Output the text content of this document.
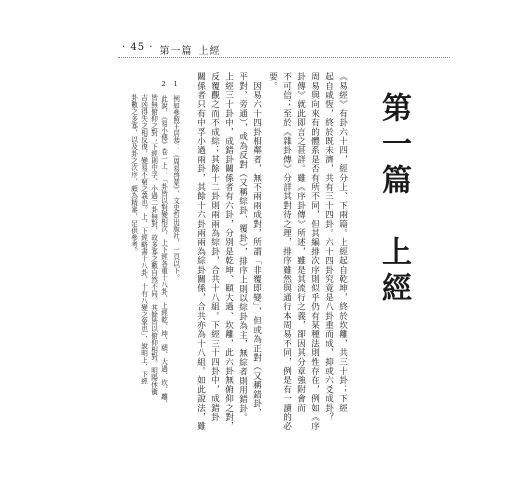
· 45 · 第一篇 上經
第一篇　上經
《易經》有卦六十四，經分上、下兩篇。上經起自乾坤，終於坎離，共三十卦；下經
起自咸恆，終於既未濟，共有三十四卦。六十四卦究竟是八卦重而成，抑或六爻成卦？
周易與向來有的體系是否有所不同，但其編排次序則似乎仍有某種法則性存在，例如《序
卦傳》就此即言之甚詳。雖《序卦傳》所述，雖是其流行之義，卻因其分章強附會而
不可信；至於《雜卦傳》分詳其對待之理，排序雖然與通行本周易不同，例是有一讀的必
要。
　因易六十四卦相鄰者，無不兩兩成對，所謂「非覆即變」，但或為正對（又稱錯卦、
平對、旁通），或為反對（又稱綜卦、覆卦），排序上則以綜卦為主，無綜者則用錯卦。
上經三十卦中，成錯卦關係者有六卦，分別是乾坤、頤大過、坎離，此六卦無俯仰之對，
反覆觀之而不成綜；其餘十二卦則兩兩為綜卦，合共十八組。下經三十四卦中，成錯卦
關係者只有中孚小過兩卦，其餘十六卦兩兩為綜卦關係，合共亦為十八組。如此說法，雖
1　例如參照王居恭：《周易啓蒙》，文史哲出版社，一頁以下。
2　此說，《易小傳》卷一上：「卦皆以對變相次，上下經各重十八卦，上經乾、坤、頤、大過、坎、離，
　　皆無俯仰之對；下經則中孚、小過二卦無對，故多寡之數自然不同。其餘皆以俯仰相對。明陽休衝
　　吉凶得失之相反復，變易不窮之義也。上、下經略書十八卦，十有八變之象也」，說明上、下經
　　卦數之多寡，以及卦之次序，頗為精審，足供參考。
